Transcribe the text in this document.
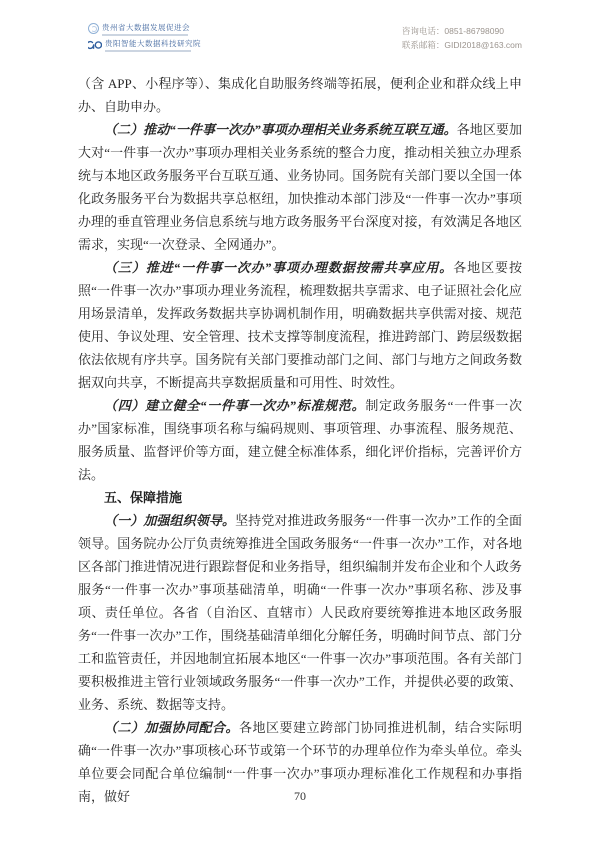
贵州省大数据发展促进会
贵阳智能大数据科技研究院
咨询电话：0851-86798090
联系邮箱：GIDI2018@163.com

（含 APP、小程序等）、集成化自助服务终端等拓展，便利企业和群众线上申办、自助申办。

（二）推动“一件事一次办”事项办理相关业务系统互联互通。各地区要加大对“一件事一次办”事项办理相关业务系统的整合力度，推动相关独立办理系统与本地区政务服务平台互联互通、业务协同。国务院有关部门要以全国一体化政务服务平台为数据共享总枢纽，加快推动本部门涉及“一件事一次办”事项办理的垂直管理业务信息系统与地方政务服务平台深度对接，有效满足各地区需求，实现“一次登录、全网通办”。

（三）推进“一件事一次办”事项办理数据按需共享应用。各地区要按照“一件事一次办”事项办理业务流程，梳理数据共享需求、电子证照社会化应用场景清单，发挥政务数据共享协调机制作用，明确数据共享供需对接、规范使用、争议处理、安全管理、技术支撑等制度流程，推进跨部门、跨层级数据依法依规有序共享。国务院有关部门要推动部门之间、部门与地方之间政务数据双向共享，不断提高共享数据质量和可用性、时效性。

（四）建立健全“一件事一次办”标准规范。制定政务服务“一件事一次办”国家标准，围绕事项名称与编码规则、事项管理、办事流程、服务规范、服务质量、监督评价等方面，建立健全标准体系，细化评价指标，完善评价方法。

五、保障措施

（一）加强组织领导。坚持党对推进政务服务“一件事一次办”工作的全面领导。国务院办公厅负责统筹推进全国政务服务“一件事一次办”工作，对各地区各部门推进情况进行跟踪督促和业务指导，组织编制并发布企业和个人政务服务“一件事一次办”事项基础清单，明确“一件事一次办”事项名称、涉及事项、责任单位。各省（自治区、直辖市）人民政府要统筹推进本地区政务服务“一件事一次办”工作，围绕基础清单细化分解任务，明确时间节点、部门分工和监管责任，并因地制宜拓展本地区“一件事一次办”事项范围。各有关部门要积极推进主管行业领域政务服务“一件事一次办”工作，并提供必要的政策、业务、系统、数据等支持。

（二）加强协同配合。各地区要建立跨部门协同推进机制，结合实际明确“一件事一次办”事项核心环节或第一个环节的办理单位作为牵头单位。牵头单位要会同配合单位编制“一件事一次办”事项办理标准化工作规程和办事指南，做好	70
